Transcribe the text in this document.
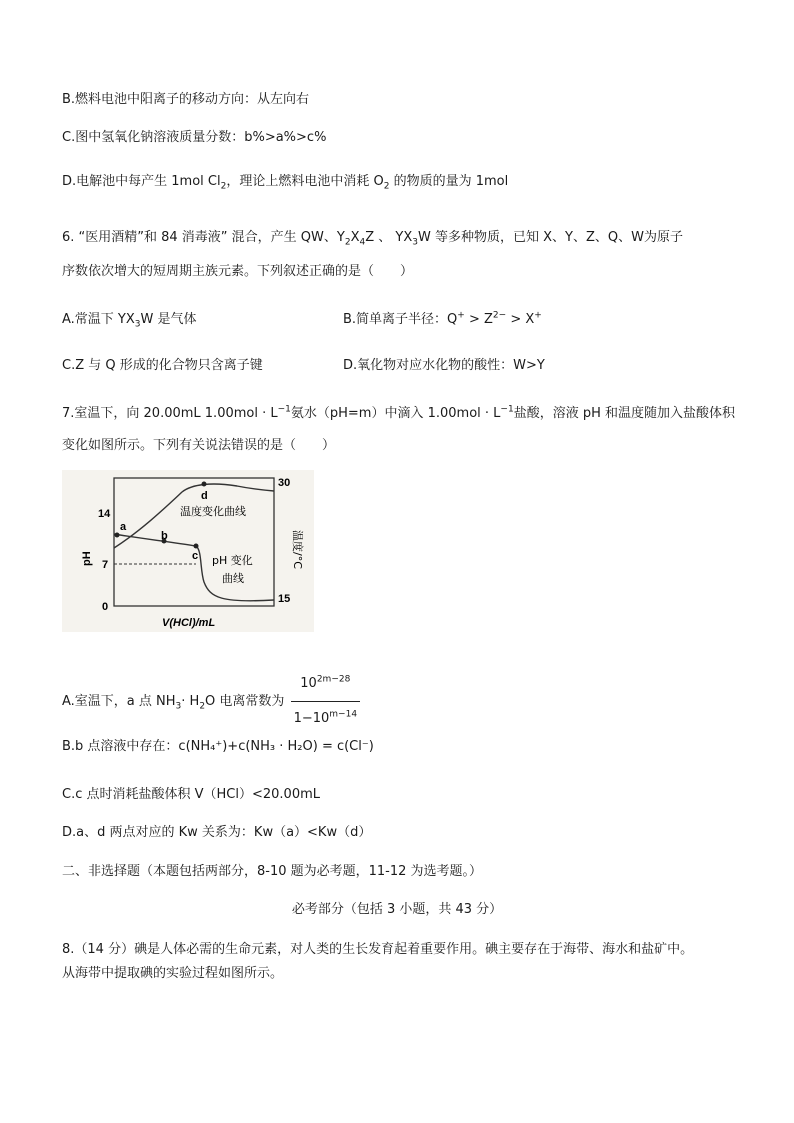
B.燃料电池中阳离子的移动方向：从左向右
C.图中氢氧化钠溶液质量分数：b%>a%>c%
D.电解池中每产生 1mol $Cl_2$，理论上燃料电池中消耗 $O_2$ 的物质的量为 1mol
6. “医用酒精”和 84 消毒液” 混合，产生 QW、$Y_2X_4Z$ 、 $YX_3W$ 等多种物质，已知 X、Y、Z、Q、W为原子
序数依次增大的短周期主族元素。下列叙述正确的是（　　）
A.常温下 $YX_3W$ 是气体	B.简单离子半径：$Q^+ > Z^{2-} > X^+$
C.Z 与 Q 形成的化合物只含离子键	D.氧化物对应水化物的酸性：W>Y
7.室温下，向 20.00mL $1.00mol \cdot L^{-1}$氨水（pH=m）中滴入 $1.00mol \cdot L^{-1}$盐酸，溶液 pH 和温度随加入盐酸体积
变化如图所示。下列有关说法错误的是（　　）
a
b
c
d
14
7
0
30
15
pH	温度/°C
V(HCl)/mL
温度变化曲线
pH 变化
曲线
A.室温下，a 点 $NH_3\cdot H_2O$ 电离常数为 $\frac{10^{2m-28}}{1-10^{m-14}}$
B.b 点溶液中存在：c(NH₄⁺)+c(NH₃ · H₂O) = c(Cl⁻)
C.c 点时消耗盐酸体积 V（HCl）<20.00mL
D.a、d 两点对应的 Kw 关系为：Kw（a）<Kw（d）
二、非选择题（本题包括两部分，8-10 题为必考题，11-12 为选考题。）
必考部分（包括 3 小题，共 43 分）
8.（14 分）碘是人体必需的生命元素，对人类的生长发育起着重要作用。碘主要存在于海带、海水和盐矿中。
从海带中提取碘的实验过程如图所示。
